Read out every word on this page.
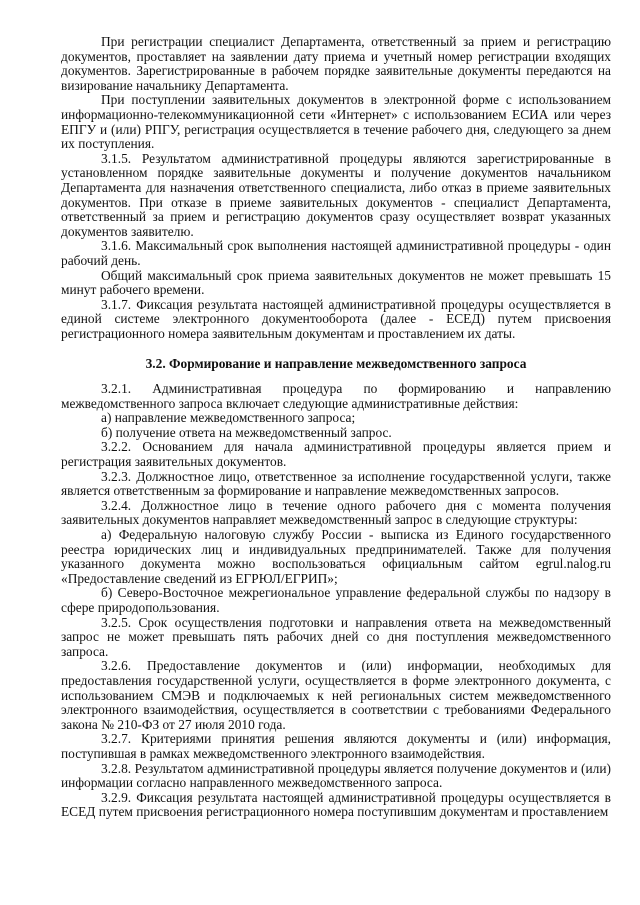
При регистрации специалист Департамента, ответственный за прием и регистрацию документов, проставляет на заявлении дату приема и учетный номер регистрации входящих документов. Зарегистрированные в рабочем порядке заявительные документы передаются на визирование начальнику Департамента.

При поступлении заявительных документов в электронной форме с использованием информационно-телекоммуникационной сети «Интернет» с использованием ЕСИА или через ЕПГУ и (или) РПГУ, регистрация осуществляется в течение рабочего дня, следующего за днем их поступления.

3.1.5. Результатом административной процедуры являются зарегистрированные в установленном порядке заявительные документы и получение документов начальником Департамента для назначения ответственного специалиста, либо отказ в приеме заявительных документов. При отказе в приеме заявительных документов - специалист Департамента, ответственный за прием и регистрацию документов сразу осуществляет возврат указанных документов заявителю.

3.1.6. Максимальный срок выполнения настоящей административной процедуры - один рабочий день.

Общий максимальный срок приема заявительных документов не может превышать 15 минут рабочего времени.

3.1.7. Фиксация результата настоящей административной процедуры осуществляется в единой системе электронного документооборота (далее - ЕСЕД) путем присвоения регистрационного номера заявительным документам и проставлением их даты.

3.2. Формирование и направление межведомственного запроса

3.2.1. Административная процедура по формированию и направлению межведомственного запроса включает следующие административные действия:

а) направление межведомственного запроса;

б) получение ответа на межведомственный запрос.

3.2.2. Основанием для начала административной процедуры является прием и регистрация заявительных документов.

3.2.3. Должностное лицо, ответственное за исполнение государственной услуги, также является ответственным за формирование и направление межведомственных запросов.

3.2.4. Должностное лицо в течение одного рабочего дня с момента получения заявительных документов направляет межведомственный запрос в следующие структуры:

а) Федеральную налоговую службу России - выписка из Единого государственного реестра юридических лиц и индивидуальных предпринимателей. Также для получения указанного документа можно воспользоваться официальным сайтом egrul.nalog.ru «Предоставление сведений из ЕГРЮЛ/ЕГРИП»;

б) Северо-Восточное межрегиональное управление федеральной службы по надзору в сфере природопользования.

3.2.5. Срок осуществления подготовки и направления ответа на межведомственный запрос не может превышать пять рабочих дней со дня поступления межведомственного запроса.

3.2.6. Предоставление документов и (или) информации, необходимых для предоставления государственной услуги, осуществляется в форме электронного документа, с использованием СМЭВ и подключаемых к ней региональных систем межведомственного электронного взаимодействия, осуществляется в соответствии с требованиями Федерального закона № 210-ФЗ от 27 июля 2010 года.

3.2.7. Критериями принятия решения являются документы и (или) информация, поступившая в рамках межведомственного электронного взаимодействия.

3.2.8. Результатом административной процедуры является получение документов и (или) информации согласно направленного межведомственного запроса.

3.2.9. Фиксация результата настоящей административной процедуры осуществляется в ЕСЕД путем присвоения регистрационного номера поступившим документам и проставлением
